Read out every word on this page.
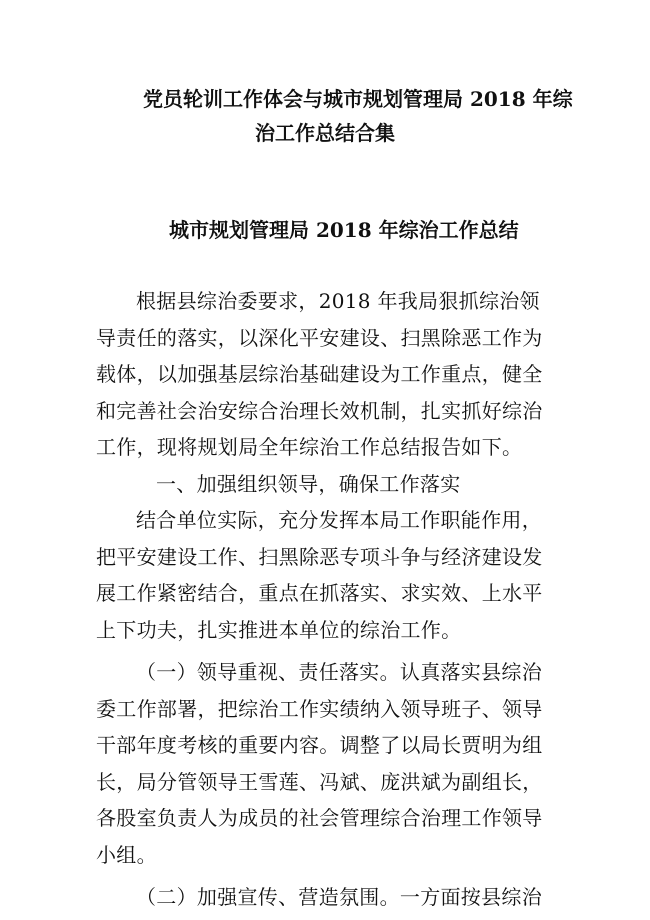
党员轮训工作体会与城市规划管理局 2018 年综
治工作总结合集
城市规划管理局 2018 年综治工作总结

根据县综治委要求，2018 年我局狠抓综治领导责任的落实，以深化平安建设、扫黑除恶工作为载体，以加强基层综治基础建设为工作重点，健全和完善社会治安综合治理长效机制，扎实抓好综治工作，现将规划局全年综治工作总结报告如下。

一、加强组织领导，确保工作落实

结合单位实际，充分发挥本局工作职能作用，把平安建设工作、扫黑除恶专项斗争与经济建设发展工作紧密结合，重点在抓落实、求实效、上水平上下功夫，扎实推进本单位的综治工作。

（一）领导重视、责任落实。认真落实县综治委工作部署，把综治工作实绩纳入领导班子、领导干部年度考核的重要内容。调整了以局长贾明为组长，局分管领导王雪莲、冯斌、庞洪斌为副组长，各股室负责人为成员的社会管理综合治理工作领导小组。

（二）加强宣传、营造氛围。一方面按县综治
